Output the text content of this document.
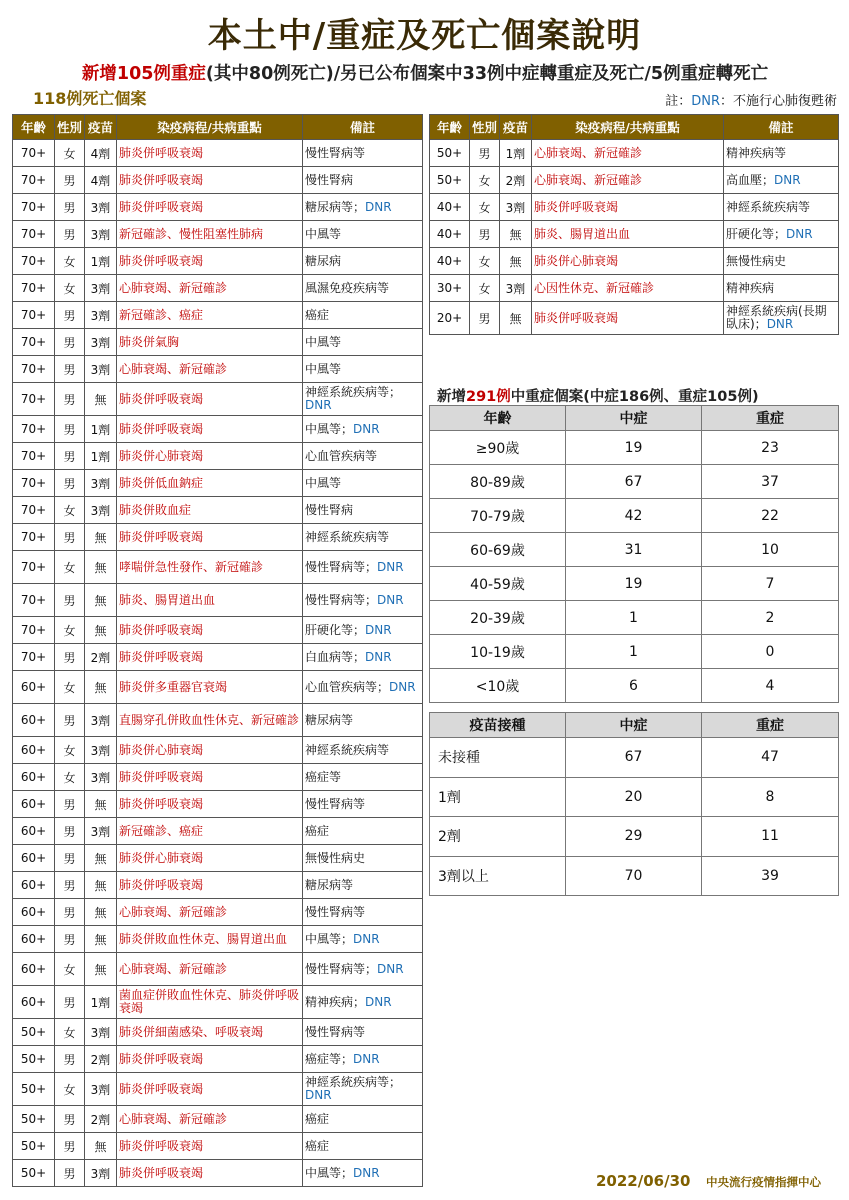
本土中/重症及死亡個案說明
新增105例重症(其中80例死亡)/另已公布個案中33例中症轉重症及死亡/5例重症轉死亡
118例死亡個案	註：DNR：不施行心肺復甦術
年齡	性別	疫苗	染疫病程/共病重點	備註
70+	女	4劑	肺炎併呼吸衰竭	慢性腎病等
70+	男	4劑	肺炎併呼吸衰竭	慢性腎病
70+	男	3劑	肺炎併呼吸衰竭	糖尿病等；DNR
70+	男	3劑	新冠確診、慢性阻塞性肺病	中風等
70+	女	1劑	肺炎併呼吸衰竭	糖尿病
70+	女	3劑	心肺衰竭、新冠確診	風濕免疫疾病等
70+	男	3劑	新冠確診、癌症	癌症
70+	男	3劑	肺炎併氣胸	中風等
70+	男	3劑	心肺衰竭、新冠確診	中風等
70+	男	無	肺炎併呼吸衰竭	神經系統疾病等；DNR
70+	男	1劑	肺炎併呼吸衰竭	中風等；DNR
70+	男	1劑	肺炎併心肺衰竭	心血管疾病等
70+	男	3劑	肺炎併低血鈉症	中風等
70+	女	3劑	肺炎併敗血症	慢性腎病
70+	男	無	肺炎併呼吸衰竭	神經系統疾病等
70+	女	無	哮喘併急性發作、新冠確診	慢性腎病等；DNR
70+	男	無	肺炎、腸胃道出血	慢性腎病等；DNR
70+	女	無	肺炎併呼吸衰竭	肝硬化等；DNR
70+	男	2劑	肺炎併呼吸衰竭	白血病等；DNR
60+	女	無	肺炎併多重器官衰竭	心血管疾病等；DNR
60+	男	3劑	直腸穿孔併敗血性休克、新冠確診	糖尿病等
60+	女	3劑	肺炎併心肺衰竭	神經系統疾病等
60+	女	3劑	肺炎併呼吸衰竭	癌症等
60+	男	無	肺炎併呼吸衰竭	慢性腎病等
60+	男	3劑	新冠確診、癌症	癌症
60+	男	無	肺炎併心肺衰竭	無慢性病史
60+	男	無	肺炎併呼吸衰竭	糖尿病等
60+	男	無	心肺衰竭、新冠確診	慢性腎病等
60+	男	無	肺炎併敗血性休克、腸胃道出血	中風等；DNR
60+	女	無	心肺衰竭、新冠確診	慢性腎病等；DNR
60+	男	1劑	菌血症併敗血性休克、肺炎併呼吸衰竭	精神疾病；DNR
50+	女	3劑	肺炎併細菌感染、呼吸衰竭	慢性腎病等
50+	男	2劑	肺炎併呼吸衰竭	癌症等；DNR
50+	女	3劑	肺炎併呼吸衰竭	神經系統疾病等；DNR
50+	男	2劑	心肺衰竭、新冠確診	癌症
50+	男	無	肺炎併呼吸衰竭	癌症
50+	男	3劑	肺炎併呼吸衰竭	中風等；DNR
年齡	性別	疫苗	染疫病程/共病重點	備註
50+	男	1劑	心肺衰竭、新冠確診	精神疾病等
50+	女	2劑	心肺衰竭、新冠確診	高血壓；DNR
40+	女	3劑	肺炎併呼吸衰竭	神經系統疾病等
40+	男	無	肺炎、腸胃道出血	肝硬化等；DNR
40+	女	無	肺炎併心肺衰竭	無慢性病史
30+	女	3劑	心因性休克、新冠確診	精神疾病
20+	男	無	肺炎併呼吸衰竭	神經系統疾病(長期臥床)；DNR
新增291例中重症個案(中症186例、重症105例)
年齡	中症	重症
≥90歲	19	23
80-89歲	67	37
70-79歲	42	22
60-69歲	31	10
40-59歲	19	7
20-39歲	1	2
10-19歲	1	0
<10歲	6	4
疫苗接種	中症	重症
未接種	67	47
1劑	20	8
2劑	29	11
3劑以上	70	39
2022/06/30 中央流行疫情指揮中心
